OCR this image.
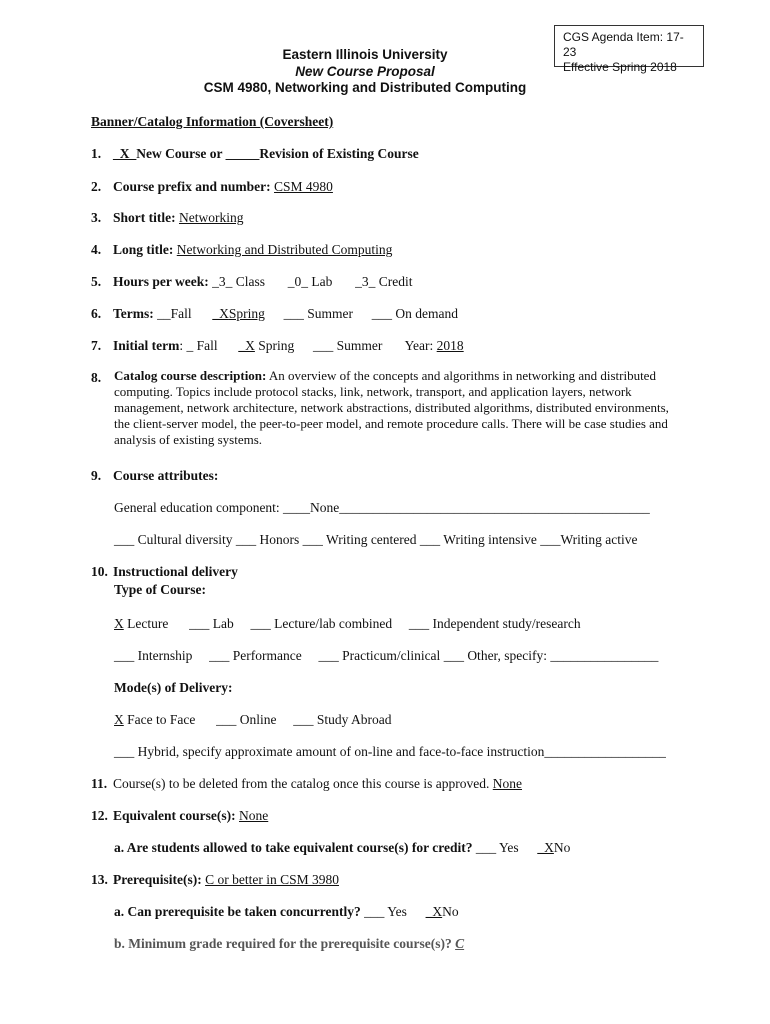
CGS Agenda Item: 17-23
Effective Spring 2018
Eastern Illinois University
New Course Proposal
CSM 4980, Networking and Distributed Computing
Banner/Catalog Information (Coversheet)
1. _X_New Course or _____Revision of Existing Course
2. Course prefix and number: CSM 4980
3. Short title: Networking
4. Long title: Networking and Distributed Computing
5. Hours per week: _3_ Class _0_ Lab _3_ Credit
6. Terms: __Fall _XSpring ___ Summer ___ On demand
7. Initial term: _ Fall _X Spring ___ Summer Year: 2018
8. Catalog course description: An overview of the concepts and algorithms in networking and distributed computing. Topics include protocol stacks, link, network, transport, and application layers, network management, network architecture, network abstractions, distributed algorithms, distributed environments, the client-server model, the peer-to-peer model, and remote procedure calls. There will be case studies and analysis of existing systems.
9. Course attributes:
General education component: ____None______________________________________________
___ Cultural diversity ___ Honors ___ Writing centered ___ Writing intensive ___Writing active
10. Instructional delivery
Type of Course:
X Lecture ___ Lab ___ Lecture/lab combined ___ Independent study/research
___ Internship ___ Performance ___ Practicum/clinical ___ Other, specify: ________________
Mode(s) of Delivery:
X Face to Face ___ Online ___ Study Abroad
___ Hybrid, specify approximate amount of on-line and face-to-face instruction__________________
11. Course(s) to be deleted from the catalog once this course is approved. None
12. Equivalent course(s): None
a. Are students allowed to take equivalent course(s) for credit? ___ Yes _XNo
13. Prerequisite(s): C or better in CSM 3980
a. Can prerequisite be taken concurrently? ___ Yes _XNo
b. Minimum grade required for the prerequisite course(s)? C
